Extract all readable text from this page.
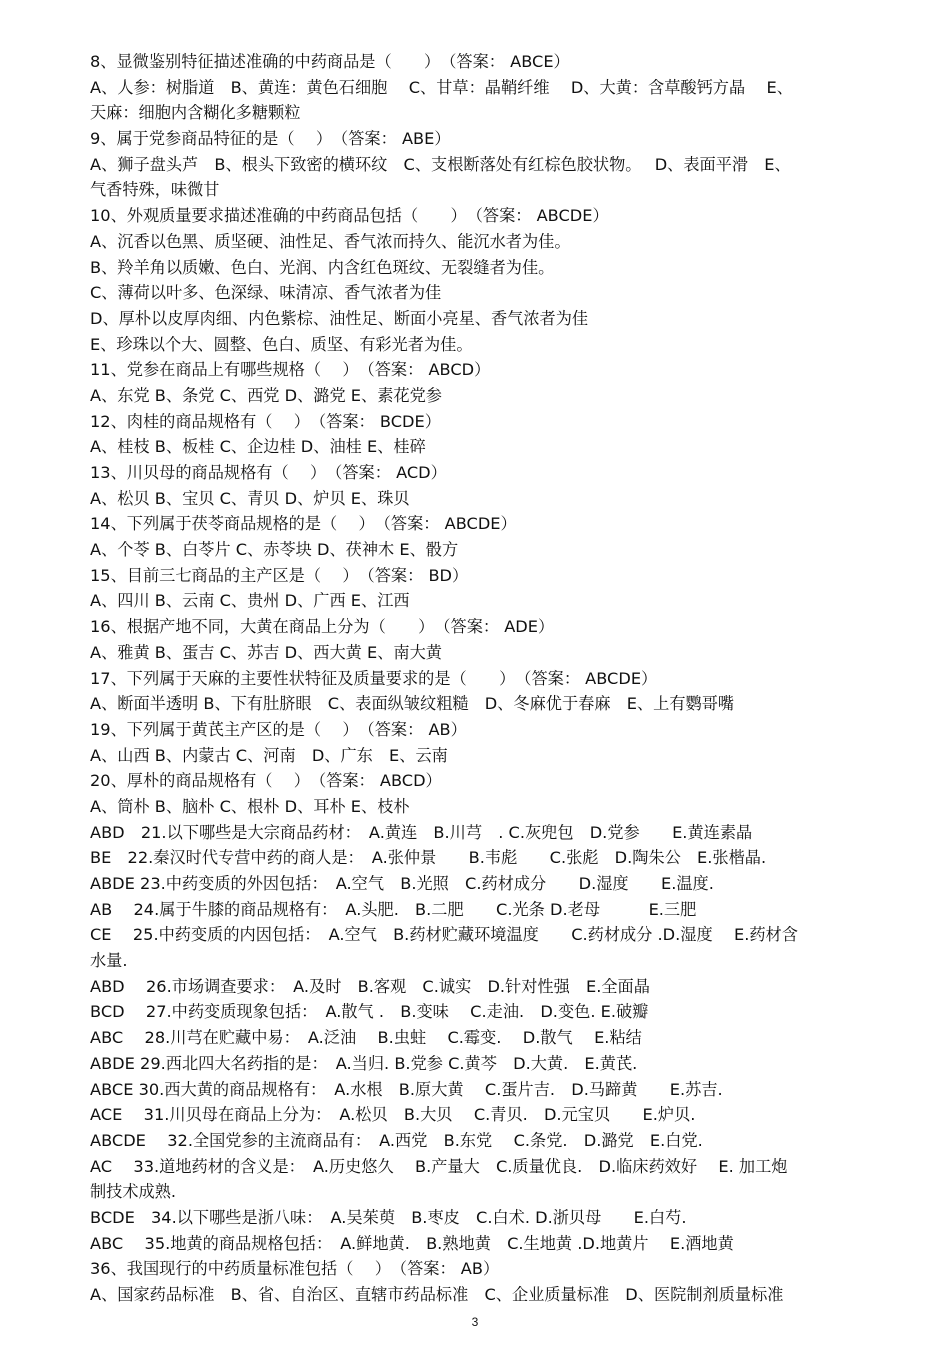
8、显微鉴别特征描述准确的中药商品是（　　）　（答案： ABCE）
A、人参：树脂道　B、黄连：黄色石细胞　 C、甘草：晶鞘纤维　 D、大黄：含草酸钙方晶　 E、
天麻：细胞内含糊化多糖颗粒
9、属于党参商品特征的是（　 ）　（答案： ABE）
A、狮子盘头芦　B、根头下致密的横环纹　C、支根断落处有红棕色胶状物。　 D、表面平滑　E、
气香特殊，味微甘
10、外观质量要求描述准确的中药商品包括（　　）　（答案： ABCDE）
A、沉香以色黑、质坚硬、油性足、香气浓而持久、能沉水者为佳。
B、羚羊角以质嫩、色白、光润、内含红色斑纹、无裂缝者为佳。
C、薄荷以叶多、色深绿、味清凉、香气浓者为佳
D、厚朴以皮厚肉细、内色紫棕、油性足、断面小亮星、香气浓者为佳
E、珍珠以个大、圆整、色白、质坚、有彩光者为佳。
11、党参在商品上有哪些规格（　 ）　（答案： ABCD）
A、东党 B、条党 C、西党 D、潞党 E、素花党参
12、肉桂的商品规格有（　 ）　（答案： BCDE）
A、桂枝 B、板桂 C、企边桂 D、油桂 E、桂碎
13、川贝母的商品规格有（　 ）　（答案： ACD）
A、松贝 B、宝贝 C、青贝 D、炉贝 E、珠贝
14、下列属于茯苓商品规格的是（　 ）　（答案： ABCDE）
A、个苓 B、白苓片 C、赤苓块 D、茯神木 E、骰方
15、目前三七商品的主产区是（　 ）　（答案： BD）
A、四川 B、云南 C、贵州 D、广西 E、江西
16、根据产地不同，大黄在商品上分为（　　）　（答案： ADE）
A、雅黄 B、蛋吉 C、苏吉 D、西大黄 E、南大黄
17、下列属于天麻的主要性状特征及质量要求的是（　　）　（答案： ABCDE）
A、断面半透明 B、下有肚脐眼　C、表面纵皱纹粗糙　D、冬麻优于春麻　E、上有鹦哥嘴
19、下列属于黄芪主产区的是（　 ）　（答案： AB）
A、山西 B、内蒙古 C、河南　D、广东　E、云南
20、厚朴的商品规格有（　 ）　（答案： ABCD）
A、筒朴 B、脑朴 C、根朴 D、耳朴 E、枝朴
ABD　21.以下哪些是大宗商品药材：　A.黄连　B.川芎　. C.灰兜包　D.党参　　E.黄连素晶
BE　22.秦汉时代专营中药的商人是：　A.张仲景　　B.韦彪　　C.张彪　D.陶朱公　E.张楷晶.
ABDE 23.中药变质的外因包括：　A.空气　B.光照　C.药材成分　　D.湿度　　E.温度.
AB　 24.属于牛膝的商品规格有：　A.头肥.　B.二肥　　C.光条 D.老母　　　E.三肥
CE　 25.中药变质的内因包括：　A.空气　B.药材贮藏环境温度　　C.药材成分 .D.湿度　 E.药材含
水量.
ABD　 26.市场调查要求：　A.及时　B.客观　C.诚实　D.针对性强　E.全面晶
BCD　 27.中药变质现象包括：　A.散气 .　B.变味　 C.走油.　D.变色. E.破瓣
ABC　 28.川芎在贮藏中易：　A.泛油　 B.虫蛀　 C.霉变.　 D.散气　 E.粘结
ABDE 29.西北四大名药指的是：　A.当归. B.党参 C.黄芩　D.大黄.　E.黄芪.
ABCE 30.西大黄的商品规格有：　A.水根　B.原大黄　 C.蛋片吉.　D.马蹄黄　　E.苏吉.
ACE　 31.川贝母在商品上分为：　A.松贝　B.大贝　 C.青贝.　D.元宝贝　　E.炉贝.
ABCDE　 32.全国党参的主流商品有：　A.西党　B.东党　 C.条党.　D.潞党　E.白党.
AC　 33.道地药材的含义是：　A.历史悠久　 B.产量大　C.质量优良.　D.临床药效好　 E. 加工炮
制技术成熟.
BCDE　34.以下哪些是浙八味：　A.吴茱萸　B.枣皮　C.白术. D.浙贝母　　E.白芍.
ABC　 35.地黄的商品规格包括：　A.鲜地黄.　B.熟地黄　C.生地黄 .D.地黄片　 E.酒地黄
36、我国现行的中药质量标准包括（　 ）　（答案： AB）
A、国家药品标准　B、省、自治区、直辖市药品标准　C、企业质量标准　D、医院制剂质量标准
3
